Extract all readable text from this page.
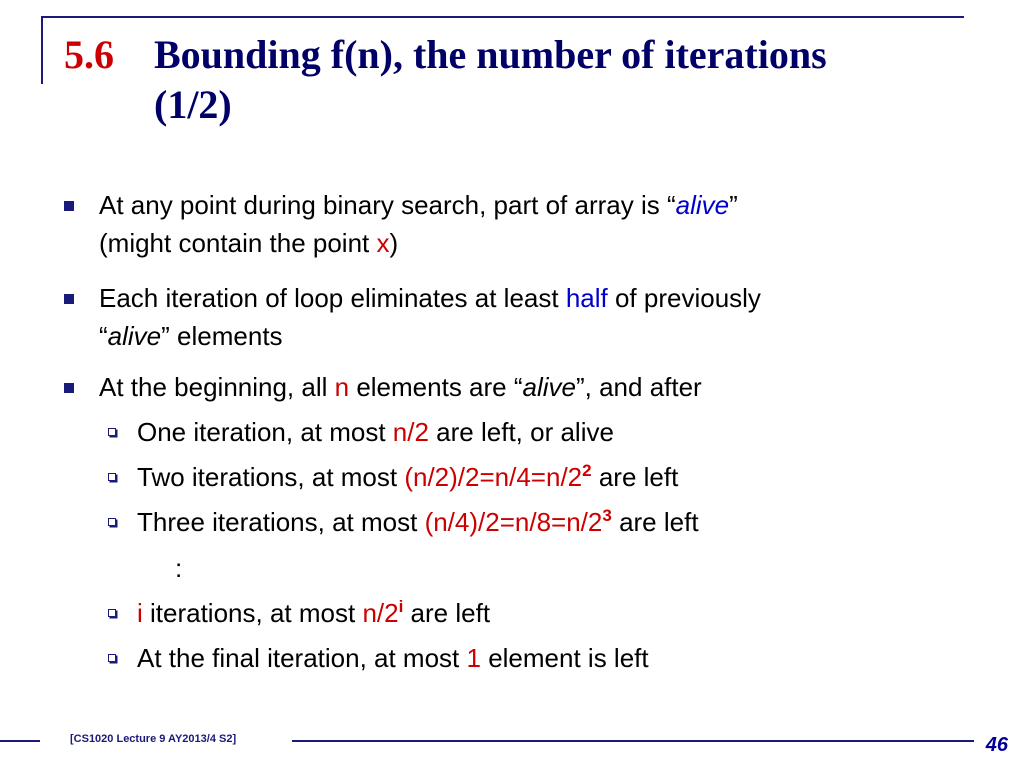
5.6 Bounding f(n), the number of iterations
(1/2)
At any point during binary search, part of array is “alive”
(might contain the point x)
Each iteration of loop eliminates at least half of previously
“alive” elements
At the beginning, all n elements are “alive”, and after
One iteration, at most n/2 are left, or alive
Two iterations, at most $(n/2)/2=n/4=n/2^2$ are left
Three iterations, at most $(n/4)/2=n/8=n/2^3$ are left
:
i iterations, at most n/2$^i$ are left
At the final iteration, at most 1 element is left
[CS1020 Lecture 9 AY2013/4 S2]	46
